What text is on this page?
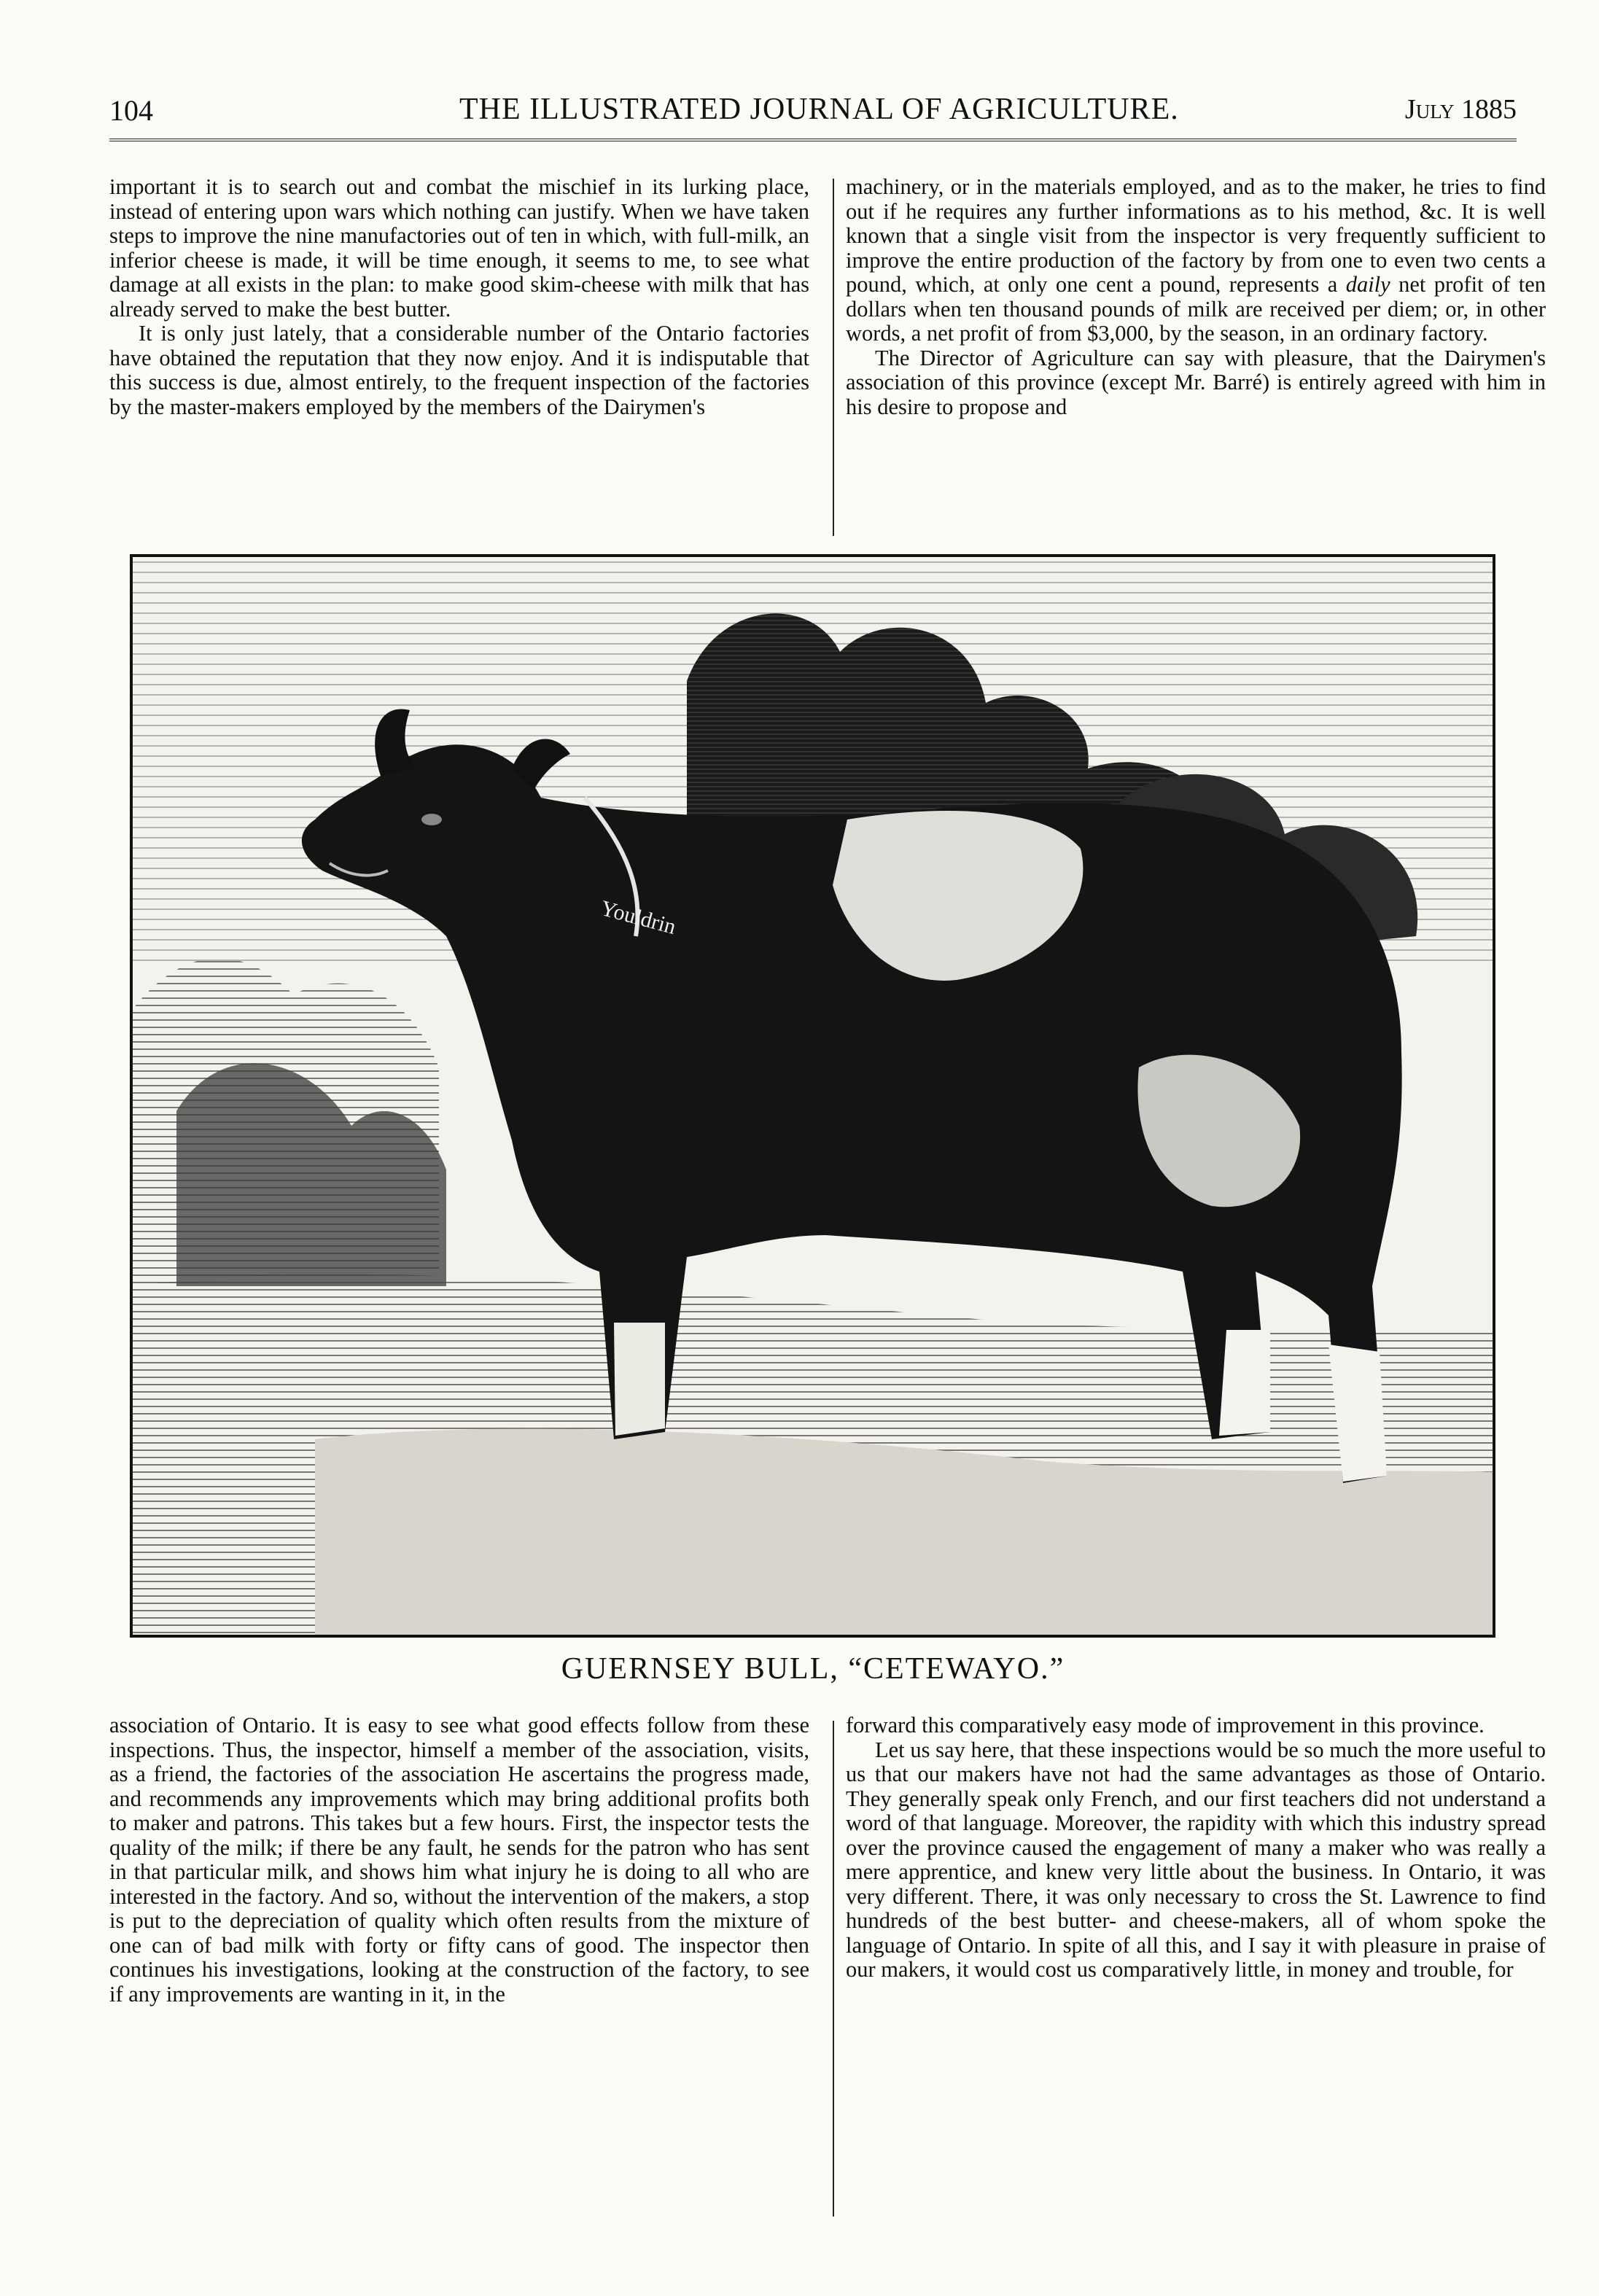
104	THE ILLUSTRATED JOURNAL OF AGRICULTURE.	July 1885

important it is to search out and combat the mischief in its lurking place, instead of entering upon wars which nothing can justify. When we have taken steps to improve the nine manufactories out of ten in which, with full-milk, an inferior cheese is made, it will be time enough, it seems to me, to see what damage at all exists in the plan: to make good skim-cheese with milk that has already served to make the best butter.

It is only just lately, that a considerable number of the Ontario factories have obtained the reputation that they now enjoy. And it is indisputable that this success is due, almost entirely, to the frequent inspection of the factories by the master-makers employed by the members of the Dairymen's

machinery, or in the materials employed, and as to the maker, he tries to find out if he requires any further informations as to his method, &c. It is well known that a single visit from the inspector is very frequently sufficient to improve the entire production of the factory by from one to even two cents a pound, which, at only one cent a pound, represents a daily net profit of ten dollars when ten thousand pounds of milk are received per diem; or, in other words, a net profit of from $3,000, by the season, in an ordinary factory.

The Director of Agriculture can say with pleasure, that the Dairymen's association of this province (except Mr. Barré) is entirely agreed with him in his desire to propose and

Youldrin
GUERNSEY BULL, “CETEWAYO.”

association of Ontario. It is easy to see what good effects follow from these inspections. Thus, the inspector, himself a member of the association, visits, as a friend, the factories of the association He ascertains the progress made, and recommends any improvements which may bring additional profits both to maker and patrons. This takes but a few hours. First, the inspector tests the quality of the milk; if there be any fault, he sends for the patron who has sent in that particular milk, and shows him what injury he is doing to all who are interested in the factory. And so, without the intervention of the makers, a stop is put to the depreciation of quality which often results from the mixture of one can of bad milk with forty or fifty cans of good. The inspector then continues his investigations, looking at the construction of the factory, to see if any improvements are wanting in it, in the

forward this comparatively easy mode of improvement in this province.

Let us say here, that these inspections would be so much the more useful to us that our makers have not had the same advantages as those of Ontario. They generally speak only French, and our first teachers did not understand a word of that language. Moreover, the rapidity with which this industry spread over the province caused the engagement of many a maker who was really a mere apprentice, and knew very little about the business. In Ontario, it was very different. There, it was only necessary to cross the St. Lawrence to find hundreds of the best butter- and cheese-makers, all of whom spoke the language of Ontario. In spite of all this, and I say it with pleasure in praise of our makers, it would cost us comparatively little, in money and trouble, for
